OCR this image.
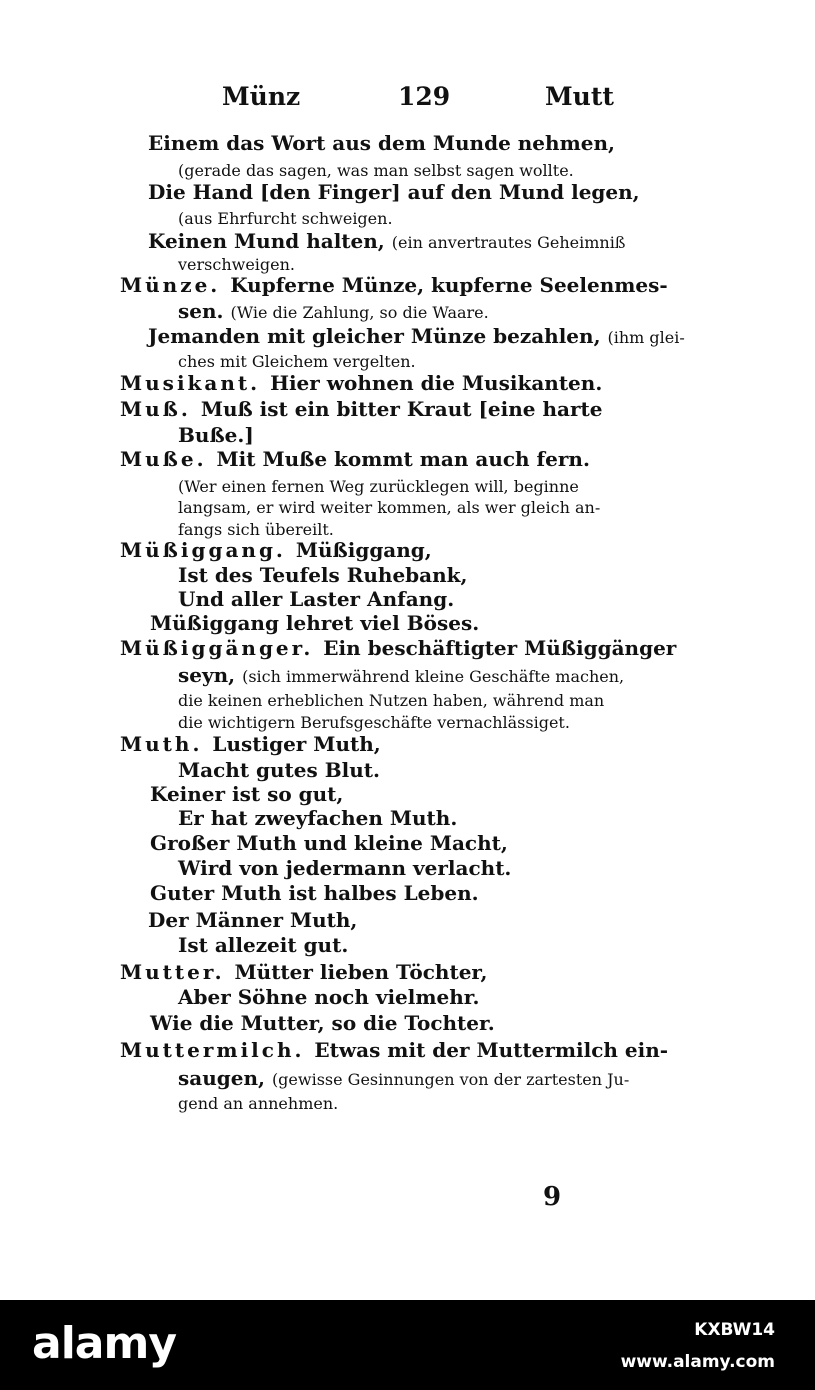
Münz	129	Mutt
Einem das Wort aus dem Munde nehmen,
(gerade das sagen, was man selbst sagen wollte.
Die Hand [den Finger] auf den Mund legen,
(aus Ehrfurcht schweigen.
Keinen Mund halten, (ein anvertrautes Geheimniß
verschweigen.
Münze. Kupferne Münze, kupferne Seelenmes-
sen. (Wie die Zahlung, so die Waare.
Jemanden mit gleicher Münze bezahlen, (ihm glei-
ches mit Gleichem vergelten.
Musikant. Hier wohnen die Musikanten.
Muß. Muß ist ein bitter Kraut [eine harte
Buße.]
Muße. Mit Muße kommt man auch fern.
(Wer einen fernen Weg zurücklegen will, beginne
langsam, er wird weiter kommen, als wer gleich an-
fangs sich übereilt.
Müßiggang. Müßiggang,
Ist des Teufels Ruhebank,
Und aller Laster Anfang.
Müßiggang lehret viel Böses.
Müßiggänger. Ein beschäftigter Müßiggänger
seyn, (sich immerwährend kleine Geschäfte machen,
die keinen erheblichen Nutzen haben, während man
die wichtigern Berufsgeschäfte vernachlässiget.
Muth. Lustiger Muth,
Macht gutes Blut.
Keiner ist so gut,
Er hat zweyfachen Muth.
Großer Muth und kleine Macht,
Wird von jedermann verlacht.
Guter Muth ist halbes Leben.
Der Männer Muth,
Ist allezeit gut.
Mutter. Mütter lieben Töchter,
Aber Söhne noch vielmehr.
Wie die Mutter, so die Tochter.
Muttermilch. Etwas mit der Muttermilch ein-
saugen, (gewisse Gesinnungen von der zartesten Ju-
gend an annehmen.
9
alamy	KXBW14
www.alamy.com
